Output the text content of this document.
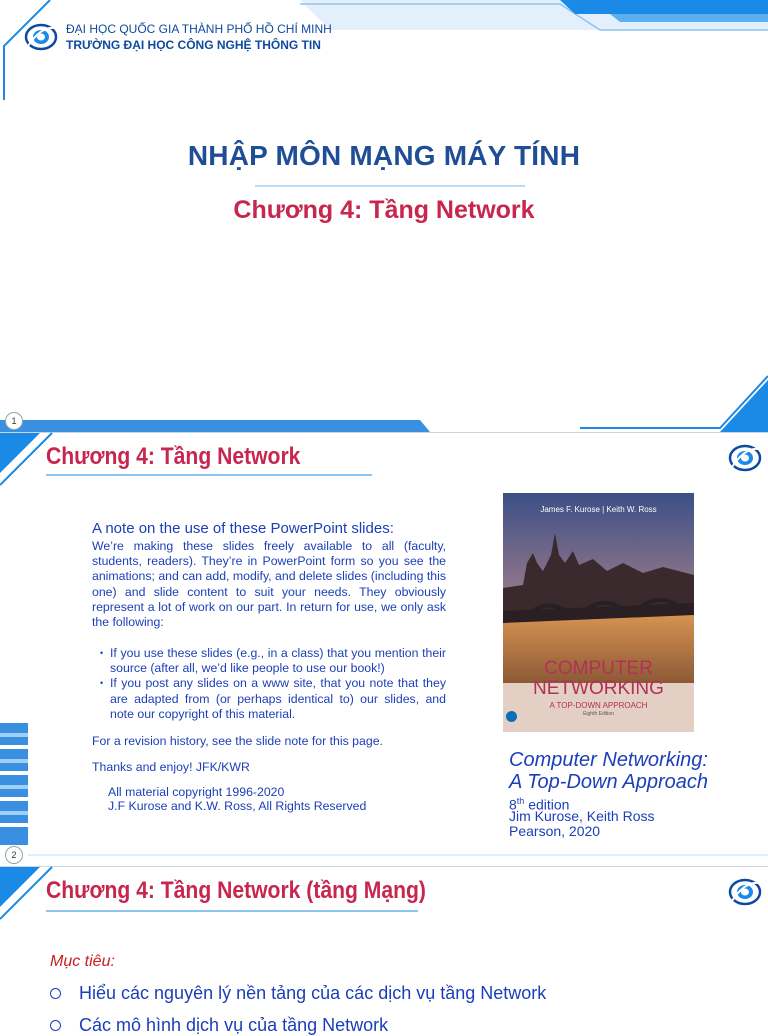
ĐẠI HỌC QUỐC GIA THÀNH PHỐ HỒ CHÍ MINH
TRƯỜNG ĐẠI HỌC CÔNG NGHỆ THÔNG TIN
NHẬP MÔN MẠNG MÁY TÍNH
Chương 4: Tầng Network
1
Chương 4: Tầng Network
A note on the use of these PowerPoint slides:
We’re making these slides freely available to all (faculty, students, readers). They’re in PowerPoint form so you see the animations; and can add, modify, and delete slides (including this one) and slide content to suit your needs. They obviously represent a lot of work on our part. In return for use, we only ask the following:
• If you use these slides (e.g., in a class) that you mention their source (after all, we’d like people to use our book!)
• If you post any slides on a www site, that you note that they are adapted from (or perhaps identical to) our slides, and note our copyright of this material.
For a revision history, see the slide note for this page.
Thanks and enjoy! JFK/KWR
All material copyright 1996-2020
J.F Kurose and K.W. Ross, All Rights Reserved
James F. Kurose | Keith W. Ross
COMPUTER
NETWORKING
A TOP-DOWN APPROACH
Eighth Edition
Computer Networking:
A Top-Down Approach
8th edition
Jim Kurose, Keith Ross
Pearson, 2020
2
Chương 4: Tầng Network (tầng Mạng)
Mục tiêu:
Hiểu các nguyên lý nền tảng của các dịch vụ tầng Network
Các mô hình dịch vụ của tầng Network
